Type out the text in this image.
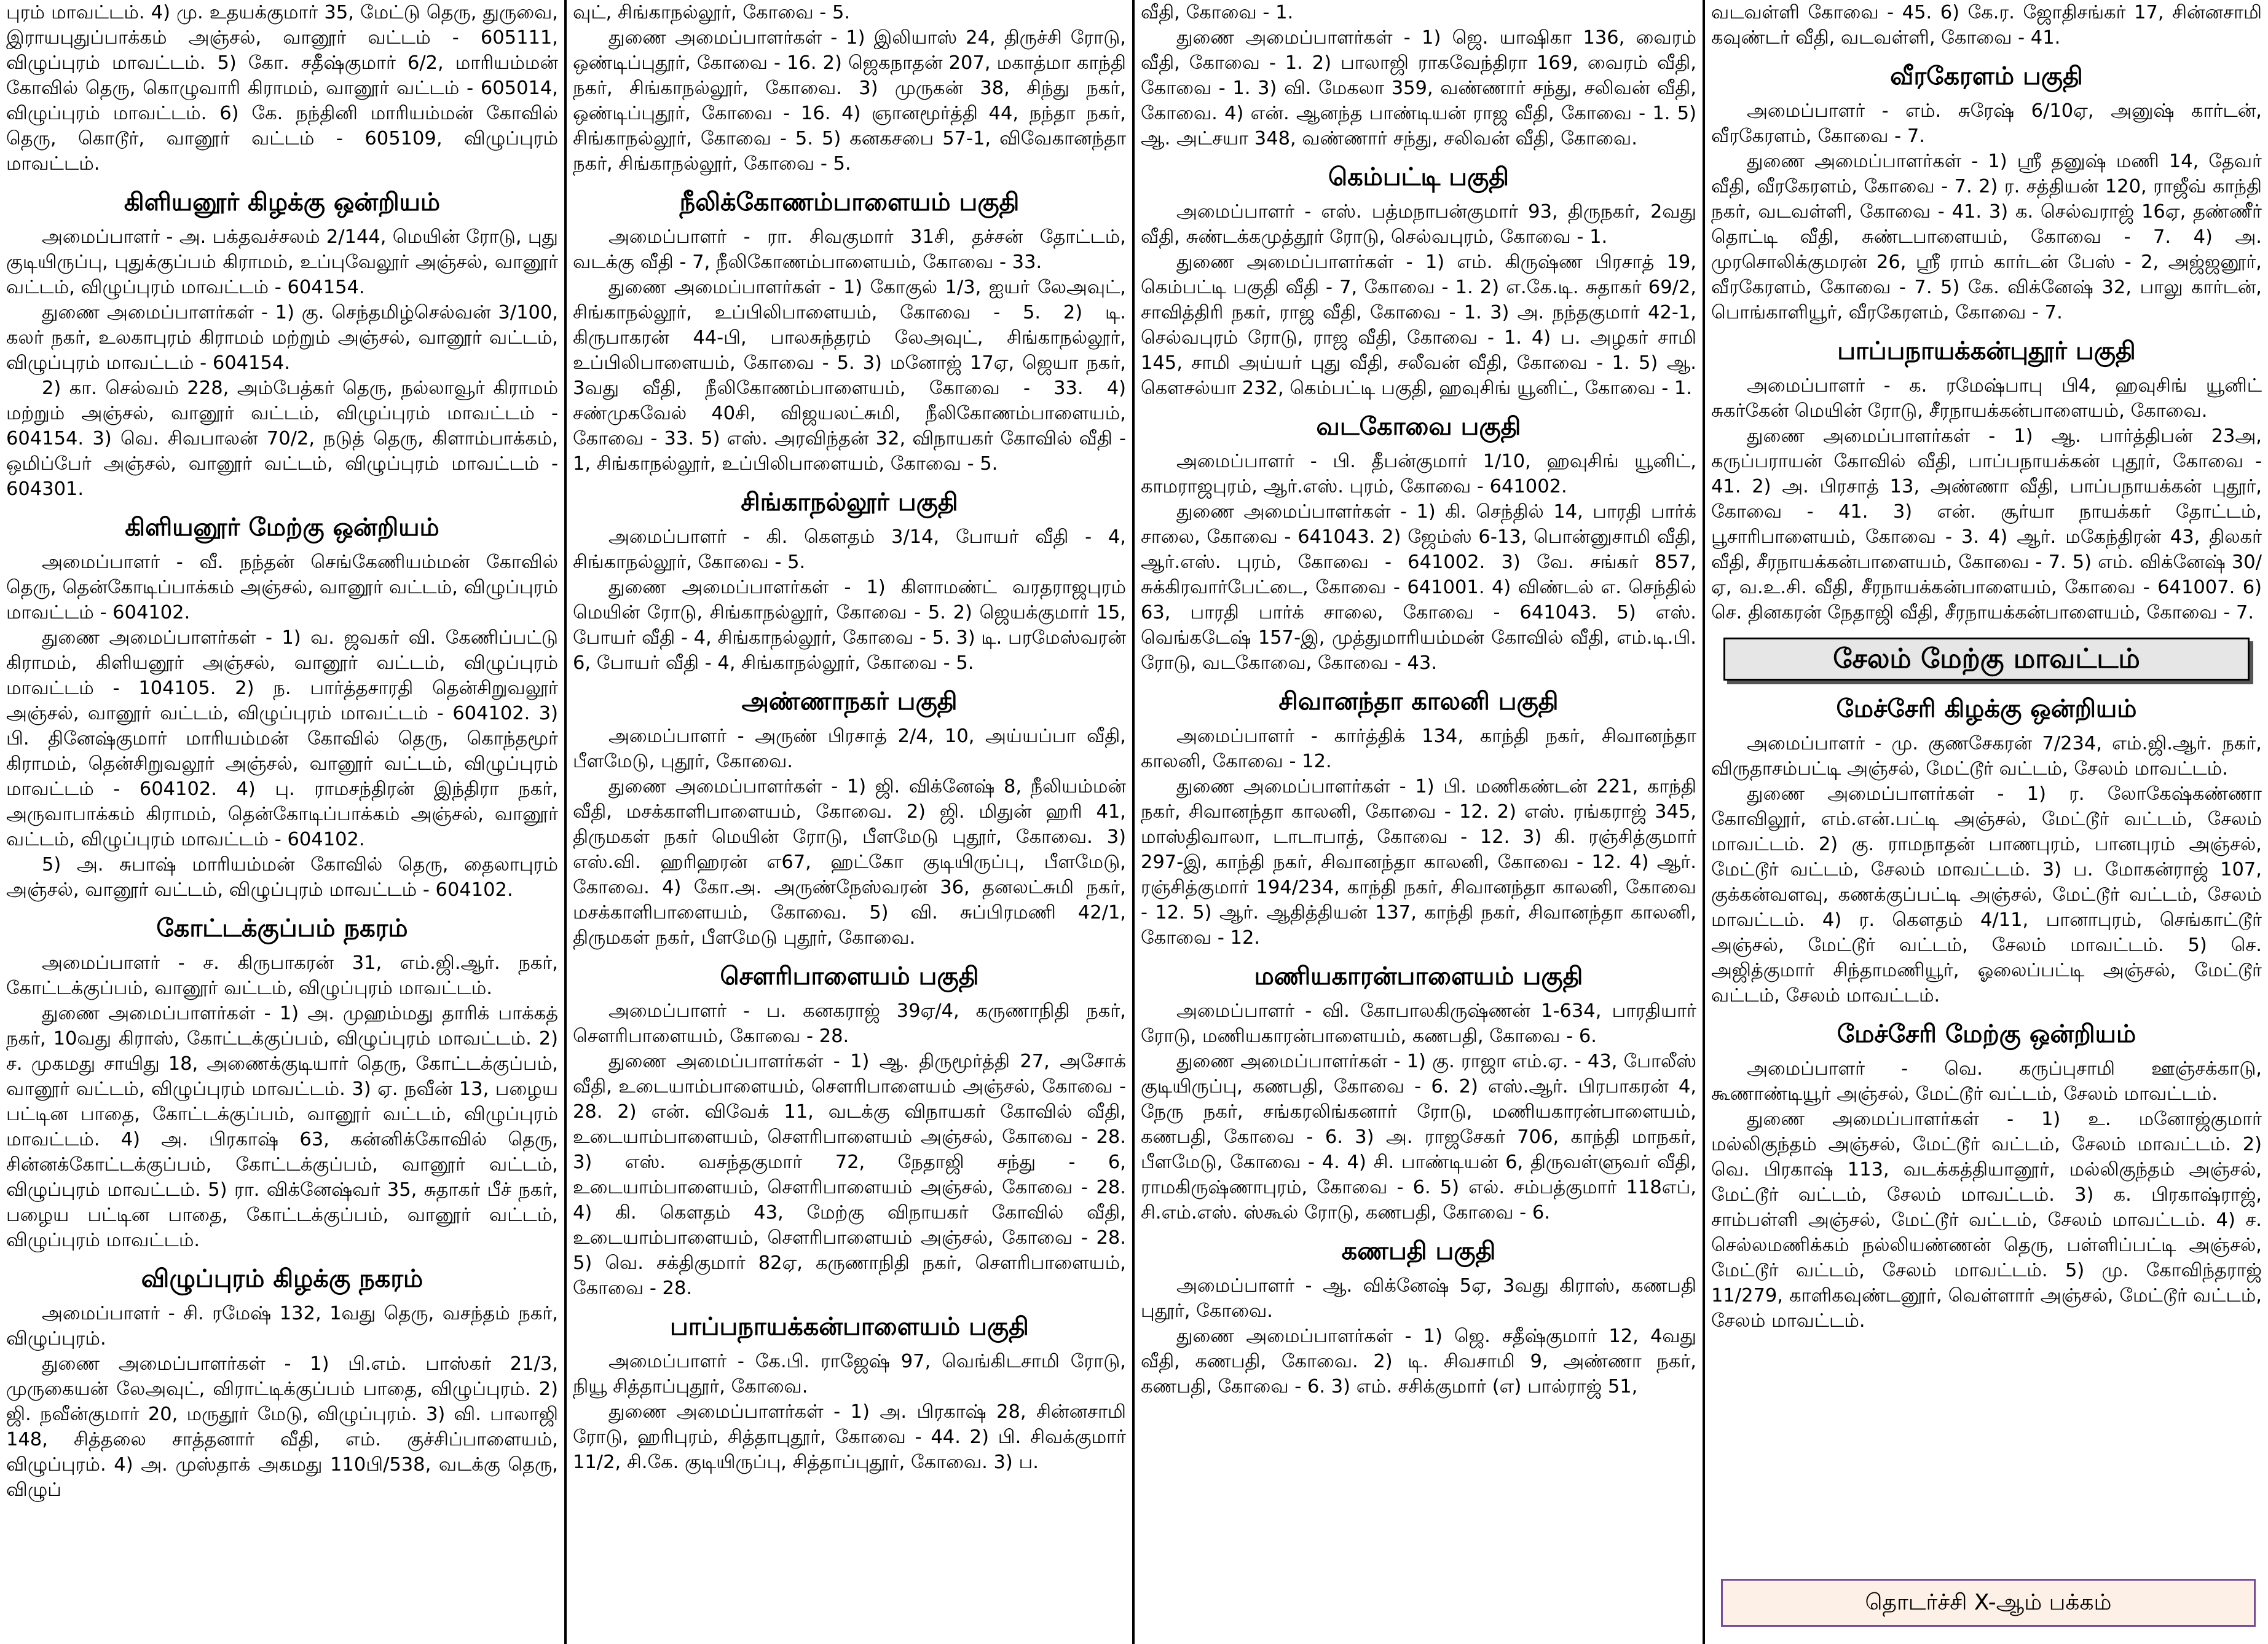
புரம் மாவட்டம். 4) மு. உதயக்குமார் 35, மேட்டு தெரு, துருவை, இராயபுதுப்பாக்கம் அஞ்சல், வானூர் வட்டம் - 605111, விழுப்புரம் மாவட்டம். 5) கோ. சதீஷ்குமார் 6/2, மாரியம்மன் கோவில் தெரு, கொழுவாரி கிராமம், வானூர் வட்டம் - 605014, விழுப்புரம் மாவட்டம். 6) கே. நந்தினி மாரியம்மன் கோவில் தெரு, கொடூர், வானூர் வட்டம் - 605109, விழுப்புரம் மாவட்டம்.

கிளியனூர் கிழக்கு ஒன்றியம்

அமைப்பாளர் - அ. பக்தவச்சலம் 2/144, மெயின் ரோடு, புது குடியிருப்பு, புதுக்குப்பம் கிராமம், உப்புவேலூர் அஞ்சல், வானூர் வட்டம், விழுப்புரம் மாவட்டம் - 604154.

துணை அமைப்பாளர்கள் - 1) கு. செந்தமிழ்செல்வன் 3/100, கலர் நகர், உலகாபுரம் கிராமம் மற்றும் அஞ்சல், வானூர் வட்டம், விழுப்புரம் மாவட்டம் - 604154.

2) கா. செல்வம் 228, அம்பேத்கர் தெரு, நல்லாவூர் கிராமம் மற்றும் அஞ்சல், வானூர் வட்டம், விழுப்புரம் மாவட்டம் - 604154. 3) வெ. சிவபாலன் 70/2, நடுத் தெரு, கிளாம்பாக்கம், ஒமிப்பேர் அஞ்சல், வானூர் வட்டம், விழுப்புரம் மாவட்டம் - 604301.

கிளியனூர் மேற்கு ஒன்றியம்

அமைப்பாளர் - வீ. நந்தன் செங்கேணியம்மன் கோவில் தெரு, தென்கோடிப்பாக்கம் அஞ்சல், வானூர் வட்டம், விழுப்புரம் மாவட்டம் - 604102.

துணை அமைப்பாளர்கள் - 1) வ. ஜவகர் வி. கேணிப்பட்டு கிராமம், கிளியனூர் அஞ்சல், வானூர் வட்டம், விழுப்புரம் மாவட்டம் - 104105. 2) ந. பார்த்தசாரதி தென்சிறுவலூர் அஞ்சல், வானூர் வட்டம், விழுப்புரம் மாவட்டம் - 604102. 3) பி. தினேஷ்குமார் மாரியம்மன் கோவில் தெரு, கொந்தமூர் கிராமம், தென்சிறுவலூர் அஞ்சல், வானூர் வட்டம், விழுப்புரம் மாவட்டம் - 604102. 4) பு. ராமசந்திரன் இந்திரா நகர், அருவாபாக்கம் கிராமம், தென்கோடிப்பாக்கம் அஞ்சல், வானூர் வட்டம், விழுப்புரம் மாவட்டம் - 604102.

5) அ. சுபாஷ் மாரியம்மன் கோவில் தெரு, தைலாபுரம் அஞ்சல், வானூர் வட்டம், விழுப்புரம் மாவட்டம் - 604102.

கோட்டக்குப்பம் நகரம்

அமைப்பாளர் - ச. கிருபாகரன் 31, எம்.ஜி.ஆர். நகர், கோட்டக்குப்பம், வானூர் வட்டம், விழுப்புரம் மாவட்டம்.

துணை அமைப்பாளர்கள் - 1) அ. முஹம்மது தாரிக் பாக்கத் நகர், 10வது கிராஸ், கோட்டக்குப்பம், விழுப்புரம் மாவட்டம். 2) ச. முகமது சாயிது 18, அணைக்குடியார் தெரு, கோட்டக்குப்பம், வானூர் வட்டம், விழுப்புரம் மாவட்டம். 3) ஏ. நவீன் 13, பழைய பட்டின பாதை, கோட்டக்குப்பம், வானூர் வட்டம், விழுப்புரம் மாவட்டம். 4) அ. பிரகாஷ் 63, கன்னிக்கோவில் தெரு, சின்னக்கோட்டக்குப்பம், கோட்டக்குப்பம், வானூர் வட்டம், விழுப்புரம் மாவட்டம். 5) ரா. விக்னேஷ்வர் 35, சுதாகர் பீச் நகர், பழைய பட்டின பாதை, கோட்டக்குப்பம், வானூர் வட்டம், விழுப்புரம் மாவட்டம்.

விழுப்புரம் கிழக்கு நகரம்

அமைப்பாளர் - சி. ரமேஷ் 132, 1வது தெரு, வசந்தம் நகர், விழுப்புரம்.

துணை அமைப்பாளர்கள் - 1) பி.எம். பாஸ்கர் 21/3, முருகையன் லேஅவுட், விராட்டிக்குப்பம் பாதை, விழுப்புரம். 2) ஜி. நவீன்குமார் 20, மருதூர் மேடு, விழுப்புரம். 3) வி. பாலாஜி 148, சித்தலை சாத்தனார் வீதி, எம். குச்சிப்பாளையம், விழுப்புரம். 4) அ. முஸ்தாக் அகமது 110பி/538, வடக்கு தெரு, விழுப்

வுட், சிங்காநல்லூர், கோவை - 5.

துணை அமைப்பாளர்கள் - 1) இலியாஸ் 24, திருச்சி ரோடு, ஒண்டிப்புதூர், கோவை - 16. 2) ஜெகநாதன் 207, மகாத்மா காந்தி நகர், சிங்காநல்லூர், கோவை. 3) முருகன் 38, சிந்து நகர், ஒண்டிப்புதூர், கோவை - 16. 4) ஞானமூர்த்தி 44, நந்தா நகர், சிங்காநல்லூர், கோவை - 5. 5) கனகசபை 57-1, விவேகானந்தா நகர், சிங்காநல்லூர், கோவை - 5.

நீலிக்கோணம்பாளையம் பகுதி

அமைப்பாளர் - ரா. சிவகுமார் 31சி, தச்சன் தோட்டம், வடக்கு வீதி - 7, நீலிகோணம்பாளையம், கோவை - 33.

துணை அமைப்பாளர்கள் - 1) கோகுல் 1/3, ஐயர் லேஅவுட், சிங்காநல்லூர், உப்பிலிபாளையம், கோவை - 5. 2) டி. கிருபாகரன் 44-பி, பாலசுந்தரம் லேஅவுட், சிங்காநல்லூர், உப்பிலிபாளையம், கோவை - 5. 3) மனோஜ் 17ஏ, ஜெயா நகர், 3வது வீதி, நீலிகோணம்பாளையம், கோவை - 33. 4) சண்முகவேல் 40சி, விஜயலட்சுமி, நீலிகோணம்பாளையம், கோவை - 33. 5) எஸ். அரவிந்தன் 32, விநாயகர் கோவில் வீதி - 1, சிங்காநல்லூர், உப்பிலிபாளையம், கோவை - 5.

சிங்காநல்லூர் பகுதி

அமைப்பாளர் - கி. கௌதம் 3/14, போயர் வீதி - 4, சிங்காநல்லூர், கோவை - 5.

துணை அமைப்பாளர்கள் - 1) கிளாமண்ட் வரதராஜபுரம் மெயின் ரோடு, சிங்காநல்லூர், கோவை - 5. 2) ஜெயக்குமார் 15, போயர் வீதி - 4, சிங்காநல்லூர், கோவை - 5. 3) டி. பரமேஸ்வரன் 6, போயர் வீதி - 4, சிங்காநல்லூர், கோவை - 5.

அண்ணாநகர் பகுதி

அமைப்பாளர் - அருண் பிரசாத் 2/4, 10, அய்யப்பா வீதி, பீளமேடு, புதூர், கோவை.

துணை அமைப்பாளர்கள் - 1) ஜி. விக்னேஷ் 8, நீலியம்மன் வீதி, மசக்காளிபாளையம், கோவை. 2) ஜி. மிதுன் ஹரி 41, திருமகள் நகர் மெயின் ரோடு, பீளமேடு புதூர், கோவை. 3) எஸ்.வி. ஹரிஹரன் எ67, ஹட்கோ குடியிருப்பு, பீளமேடு, கோவை. 4) கோ.அ. அருண்நேஸ்வரன் 36, தனலட்சுமி நகர், மசக்காளிபாளையம், கோவை. 5) வி. சுப்பிரமணி 42/1, திருமகள் நகர், பீளமேடு புதூர், கோவை.

சௌரிபாளையம் பகுதி

அமைப்பாளர் - ப. கனகராஜ் 39ஏ/4, கருணாநிதி நகர், சௌரிபாளையம், கோவை - 28.

துணை அமைப்பாளர்கள் - 1) ஆ. திருமூர்த்தி 27, அசோக் வீதி, உடையாம்பாளையம், சௌரிபாளையம் அஞ்சல், கோவை - 28. 2) என். விவேக் 11, வடக்கு விநாயகர் கோவில் வீதி, உடையாம்பாளையம், சௌரிபாளையம் அஞ்சல், கோவை - 28. 3) எஸ். வசந்தகுமார் 72, நேதாஜி சந்து - 6, உடையாம்பாளையம், சௌரிபாளையம் அஞ்சல், கோவை - 28. 4) கி. கௌதம் 43, மேற்கு விநாயகர் கோவில் வீதி, உடையாம்பாளையம், சௌரிபாளையம் அஞ்சல், கோவை - 28. 5) வெ. சக்திகுமார் 82ஏ, கருணாநிதி நகர், சௌரிபாளையம், கோவை - 28.

பாப்பநாயக்கன்பாளையம் பகுதி

அமைப்பாளர் - கே.பி. ராஜேஷ் 97, வெங்கிடசாமி ரோடு, நியூ சித்தாப்புதூர், கோவை.

துணை அமைப்பாளர்கள் - 1) அ. பிரகாஷ் 28, சின்னசாமி ரோடு, ஹரிபுரம், சித்தாபுதூர், கோவை - 44. 2) பி. சிவக்குமார் 11/2, சி.கே. குடியிருப்பு, சித்தாப்புதூர், கோவை. 3) ப.

வீதி, கோவை - 1.

துணை அமைப்பாளர்கள் - 1) ஜெ. யாஷிகா 136, வைரம் வீதி, கோவை - 1. 2) பாலாஜி ராகவேந்திரா 169, வைரம் வீதி, கோவை - 1. 3) வி. மேகலா 359, வண்ணார் சந்து, சலிவன் வீதி, கோவை. 4) என். ஆனந்த பாண்டியன் ராஜ வீதி, கோவை - 1. 5) ஆ. அட்சயா 348, வண்ணார் சந்து, சலிவன் வீதி, கோவை.

கெம்பட்டி பகுதி

அமைப்பாளர் - எஸ். பத்மநாபன்குமார் 93, திருநகர், 2வது வீதி, சுண்டக்கமுத்தூர் ரோடு, செல்வபுரம், கோவை - 1.

துணை அமைப்பாளர்கள் - 1) எம். கிருஷ்ண பிரசாத் 19, கெம்பட்டி பகுதி வீதி - 7, கோவை - 1. 2) எ.கே.டி. சுதாகர் 69/2, சாவித்திரி நகர், ராஜ வீதி, கோவை - 1. 3) அ. நந்தகுமார் 42-1, செல்வபுரம் ரோடு, ராஜ வீதி, கோவை - 1. 4) ப. அழகர் சாமி 145, சாமி அய்யர் புது வீதி, சலீவன் வீதி, கோவை - 1. 5) ஆ. கௌசல்யா 232, கெம்பட்டி பகுதி, ஹவுசிங் யூனிட், கோவை - 1.

வடகோவை பகுதி

அமைப்பாளர் - பி. தீபன்குமார் 1/10, ஹவுசிங் யூனிட், காமராஜபுரம், ஆர்.எஸ். புரம், கோவை - 641002.

துணை அமைப்பாளர்கள் - 1) கி. செந்தில் 14, பாரதி பார்க் சாலை, கோவை - 641043. 2) ஜேம்ஸ் 6-13, பொன்னுசாமி வீதி, ஆர்.எஸ். புரம், கோவை - 641002. 3) வே. சங்கர் 857, சுக்கிரவார்பேட்டை, கோவை - 641001. 4) விண்டல் எ. செந்தில் 63, பாரதி பார்க் சாலை, கோவை - 641043. 5) எஸ். வெங்கடேஷ் 157-இ, முத்துமாரியம்மன் கோவில் வீதி, எம்.டி.பி. ரோடு, வடகோவை, கோவை - 43.

சிவானந்தா காலனி பகுதி

அமைப்பாளர் - கார்த்திக் 134, காந்தி நகர், சிவானந்தா காலனி, கோவை - 12.

துணை அமைப்பாளர்கள் - 1) பி. மணிகண்டன் 221, காந்தி நகர், சிவானந்தா காலனி, கோவை - 12. 2) எஸ். ரங்கராஜ் 345, மாஸ்திவாலா, டாடாபாத், கோவை - 12. 3) கி. ரஞ்சித்குமார் 297-இ, காந்தி நகர், சிவானந்தா காலனி, கோவை - 12. 4) ஆர். ரஞ்சித்குமார் 194/234, காந்தி நகர், சிவானந்தா காலனி, கோவை - 12. 5) ஆர். ஆதித்தியன் 137, காந்தி நகர், சிவானந்தா காலனி, கோவை - 12.

மணியகாரன்பாளையம் பகுதி

அமைப்பாளர் - வி. கோபாலகிருஷ்ணன் 1-634, பாரதியார் ரோடு, மணியகாரன்பாளையம், கணபதி, கோவை - 6.

துணை அமைப்பாளர்கள் - 1) கு. ராஜா எம்.ஏ. - 43, போலீஸ் குடியிருப்பு, கணபதி, கோவை - 6. 2) எஸ்.ஆர். பிரபாகரன் 4, நேரு நகர், சங்கரலிங்கனார் ரோடு, மணியகாரன்பாளையம், கணபதி, கோவை - 6. 3) அ. ராஜசேகர் 706, காந்தி மாநகர், பீளமேடு, கோவை - 4. 4) சி. பாண்டியன் 6, திருவள்ளுவர் வீதி, ராமகிருஷ்ணாபுரம், கோவை - 6. 5) எல். சம்பத்குமார் 118எப், சி.எம்.எஸ். ஸ்கூல் ரோடு, கணபதி, கோவை - 6.

கணபதி பகுதி

அமைப்பாளர் - ஆ. விக்னேஷ் 5ஏ, 3வது கிராஸ், கணபதி புதூர், கோவை.

துணை அமைப்பாளர்கள் - 1) ஜெ. சதீஷ்குமார் 12, 4வது வீதி, கணபதி, கோவை. 2) டி. சிவசாமி 9, அண்ணா நகர், கணபதி, கோவை - 6. 3) எம். சசிக்குமார் (எ) பால்ராஜ் 51,

வடவள்ளி கோவை - 45. 6) கே.ர. ஜோதிசங்கர் 17, சின்னசாமி கவுண்டர் வீதி, வடவள்ளி, கோவை - 41.

வீரகேரளம் பகுதி

அமைப்பாளர் - எம். சுரேஷ் 6/10ஏ, அனுஷ் கார்டன், வீரகேரளம், கோவை - 7.

துணை அமைப்பாளர்கள் - 1) ஸ்ரீ தனுஷ் மணி 14, தேவர் வீதி, வீரகேரளம், கோவை - 7. 2) ர. சத்தியன் 120, ராஜீவ் காந்தி நகர், வடவள்ளி, கோவை - 41. 3) க. செல்வராஜ் 16ஏ, தண்ணீர் தொட்டி வீதி, சுண்டபாளையம், கோவை - 7. 4) அ. முரசொலிக்குமரன் 26, ஸ்ரீ ராம் கார்டன் பேஸ் - 2, அஜ்ஜனூர், வீரகேரளம், கோவை - 7. 5) கே. விக்னேஷ் 32, பாலு கார்டன், பொங்காளியூர், வீரகேரளம், கோவை - 7.

பாப்பநாயக்கன்புதூர் பகுதி

அமைப்பாளர் - க. ரமேஷ்பாபு பி4, ஹவுசிங் யூனிட் சுகர்கேன் மெயின் ரோடு, சீரநாயக்கன்பாளையம், கோவை.

துணை அமைப்பாளர்கள் - 1) ஆ. பார்த்திபன் 23அ, கருப்பராயன் கோவில் வீதி, பாப்பநாயக்கன் புதூர், கோவை - 41. 2) அ. பிரசாத் 13, அண்ணா வீதி, பாப்பநாயக்கன் புதூர், கோவை - 41. 3) என். சூர்யா நாயக்கர் தோட்டம், பூசாரிபாளையம், கோவை - 3. 4) ஆர். மகேந்திரன் 43, திலகர் வீதி, சீரநாயக்கன்பாளையம், கோவை - 7. 5) எம். விக்னேஷ் 30/ஏ, வ.உ.சி. வீதி, சீரநாயக்கன்பாளையம், கோவை - 641007. 6) செ. தினகரன் நேதாஜி வீதி, சீரநாயக்கன்பாளையம், கோவை - 7.

சேலம் மேற்கு மாவட்டம்
மேச்சேரி கிழக்கு ஒன்றியம்

அமைப்பாளர் - மு. குணசேகரன் 7/234, எம்.ஜி.ஆர். நகர், விருதாசம்பட்டி அஞ்சல், மேட்டூர் வட்டம், சேலம் மாவட்டம்.

துணை அமைப்பாளர்கள் - 1) ர. லோகேஷ்கண்ணா கோவிலூர், எம்.என்.பட்டி அஞ்சல், மேட்டூர் வட்டம், சேலம் மாவட்டம். 2) கு. ராமநாதன் பாணபுரம், பானபுரம் அஞ்சல், மேட்டூர் வட்டம், சேலம் மாவட்டம். 3) ப. மோகன்ராஜ் 107, குக்கன்வளவு, கணக்குப்பட்டி அஞ்சல், மேட்டூர் வட்டம், சேலம் மாவட்டம். 4) ர. கௌதம் 4/11, பானாபுரம், செங்காட்டூர் அஞ்சல், மேட்டூர் வட்டம், சேலம் மாவட்டம். 5) செ. அஜித்குமார் சிந்தாமணியூர், ஓலைப்பட்டி அஞ்சல், மேட்டூர் வட்டம், சேலம் மாவட்டம்.

மேச்சேரி மேற்கு ஒன்றியம்

அமைப்பாளர் - வெ. கருப்புசாமி ஊஞ்சக்காடு, கூணாண்டியூர் அஞ்சல், மேட்டூர் வட்டம், சேலம் மாவட்டம்.

துணை அமைப்பாளர்கள் - 1) உ. மனோஜ்குமார் மல்லிகுந்தம் அஞ்சல், மேட்டூர் வட்டம், சேலம் மாவட்டம். 2) வெ. பிரகாஷ் 113, வடக்கத்தியானூர், மல்லிகுந்தம் அஞ்சல், மேட்டூர் வட்டம், சேலம் மாவட்டம். 3) க. பிரகாஷ்ராஜ், சாம்பள்ளி அஞ்சல், மேட்டூர் வட்டம், சேலம் மாவட்டம். 4) ச. செல்லமணிக்கம் நல்லியண்ணன் தெரு, பள்ளிப்பட்டி அஞ்சல், மேட்டூர் வட்டம், சேலம் மாவட்டம். 5) மு. கோவிந்தராஜ் 11/279, காளிகவுண்டனூர், வெள்ளார் அஞ்சல், மேட்டூர் வட்டம், சேலம் மாவட்டம்.

தொடர்ச்சி X-ஆம் பக்கம்
